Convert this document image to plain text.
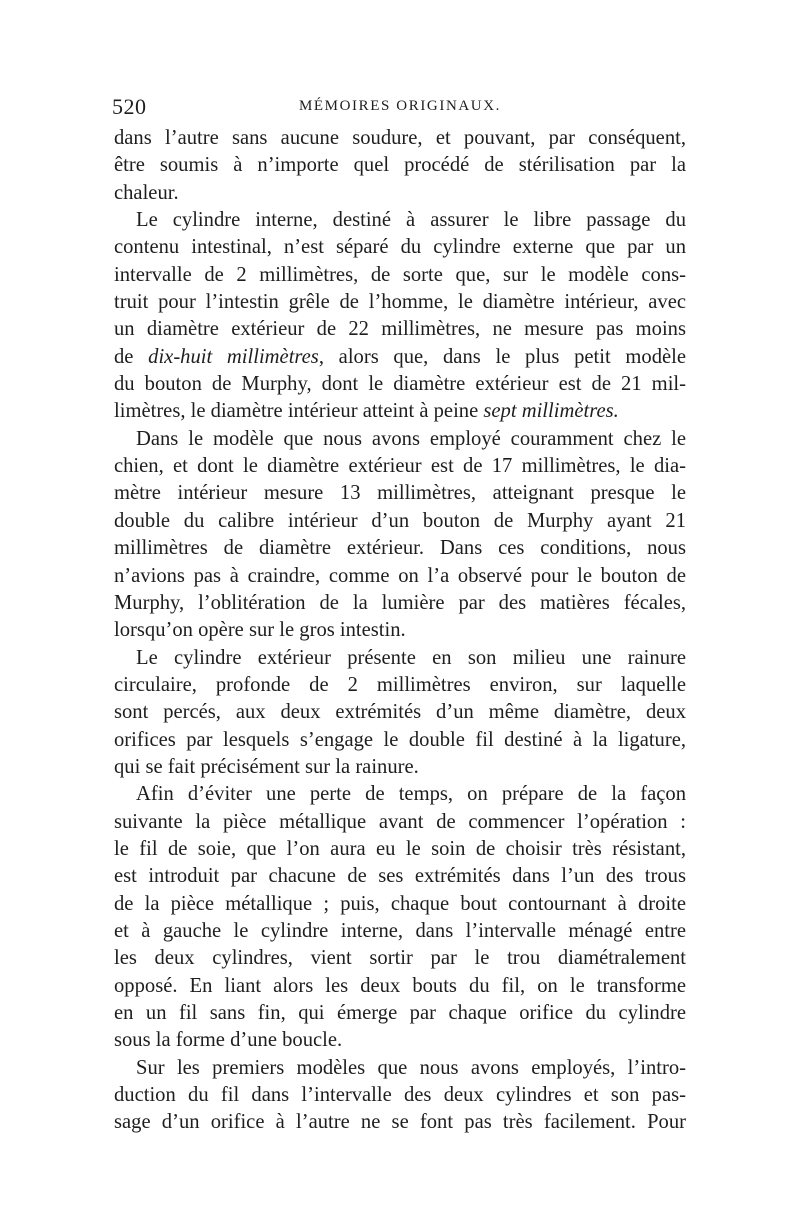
520	MÉMOIRES ORIGINAUX.
dans l’autre sans aucune soudure, et pouvant, par conséquent,
être soumis à n’importe quel procédé de stérilisation par la
chaleur.
Le cylindre interne, destiné à assurer le libre passage du
contenu intestinal, n’est séparé du cylindre externe que par un
intervalle de 2 millimètres, de sorte que, sur le modèle cons-
truit pour l’intestin grêle de l’homme, le diamètre intérieur, avec
un diamètre extérieur de 22 millimètres, ne mesure pas moins
de dix-huit millimètres, alors que, dans le plus petit modèle
du bouton de Murphy, dont le diamètre extérieur est de 21 mil-
limètres, le diamètre intérieur atteint à peine sept millimètres.
Dans le modèle que nous avons employé couramment chez le
chien, et dont le diamètre extérieur est de 17 millimètres, le dia-
mètre intérieur mesure 13 millimètres, atteignant presque le
double du calibre intérieur d’un bouton de Murphy ayant 21
millimètres de diamètre extérieur. Dans ces conditions, nous
n’avions pas à craindre, comme on l’a observé pour le bouton de
Murphy, l’oblitération de la lumière par des matières fécales,
lorsqu’on opère sur le gros intestin.
Le cylindre extérieur présente en son milieu une rainure
circulaire, profonde de 2 millimètres environ, sur laquelle
sont percés, aux deux extrémités d’un même diamètre, deux
orifices par lesquels s’engage le double fil destiné à la ligature,
qui se fait précisément sur la rainure.
Afin d’éviter une perte de temps, on prépare de la façon
suivante la pièce métallique avant de commencer l’opération :
le fil de soie, que l’on aura eu le soin de choisir très résistant,
est introduit par chacune de ses extrémités dans l’un des trous
de la pièce métallique ; puis, chaque bout contournant à droite
et à gauche le cylindre interne, dans l’intervalle ménagé entre
les deux cylindres, vient sortir par le trou diamétralement
opposé. En liant alors les deux bouts du fil, on le transforme
en un fil sans fin, qui émerge par chaque orifice du cylindre
sous la forme d’une boucle.
Sur les premiers modèles que nous avons employés, l’intro-
duction du fil dans l’intervalle des deux cylindres et son pas-
sage d’un orifice à l’autre ne se font pas très facilement. Pour
